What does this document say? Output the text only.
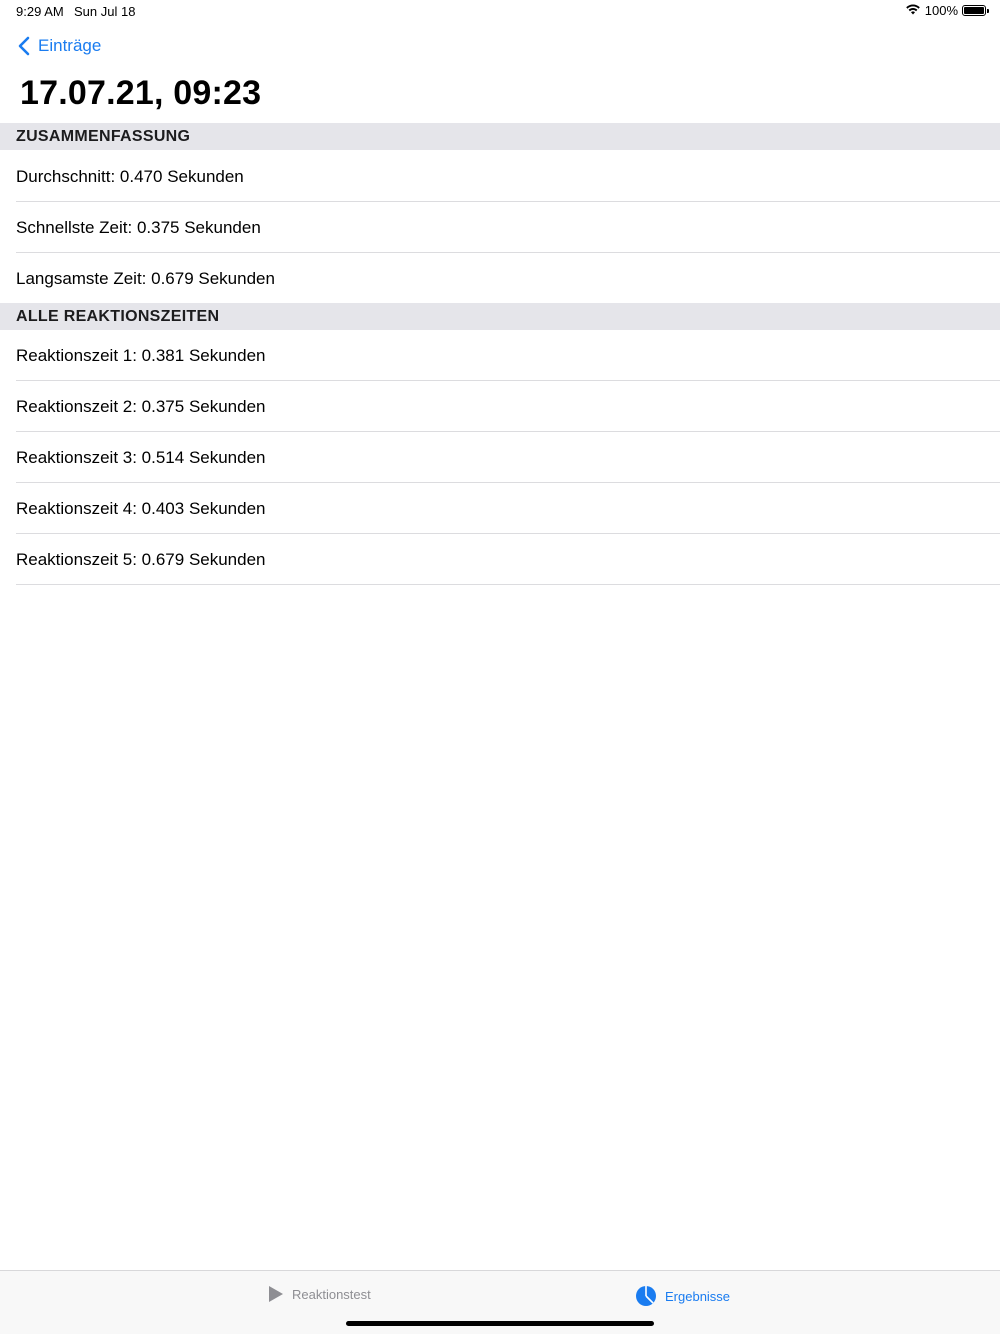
9:29 AM Sun Jul 18	100%
Einträge
17.07.21, 09:23
ZUSAMMENFASSUNG
Durchschnitt: 0.470 Sekunden
Schnellste Zeit: 0.375 Sekunden
Langsamste Zeit: 0.679 Sekunden
ALLE REAKTIONSZEITEN
Reaktionszeit 1: 0.381 Sekunden
Reaktionszeit 2: 0.375 Sekunden
Reaktionszeit 3: 0.514 Sekunden
Reaktionszeit 4: 0.403 Sekunden
Reaktionszeit 5: 0.679 Sekunden
Reaktionstest	Ergebnisse
